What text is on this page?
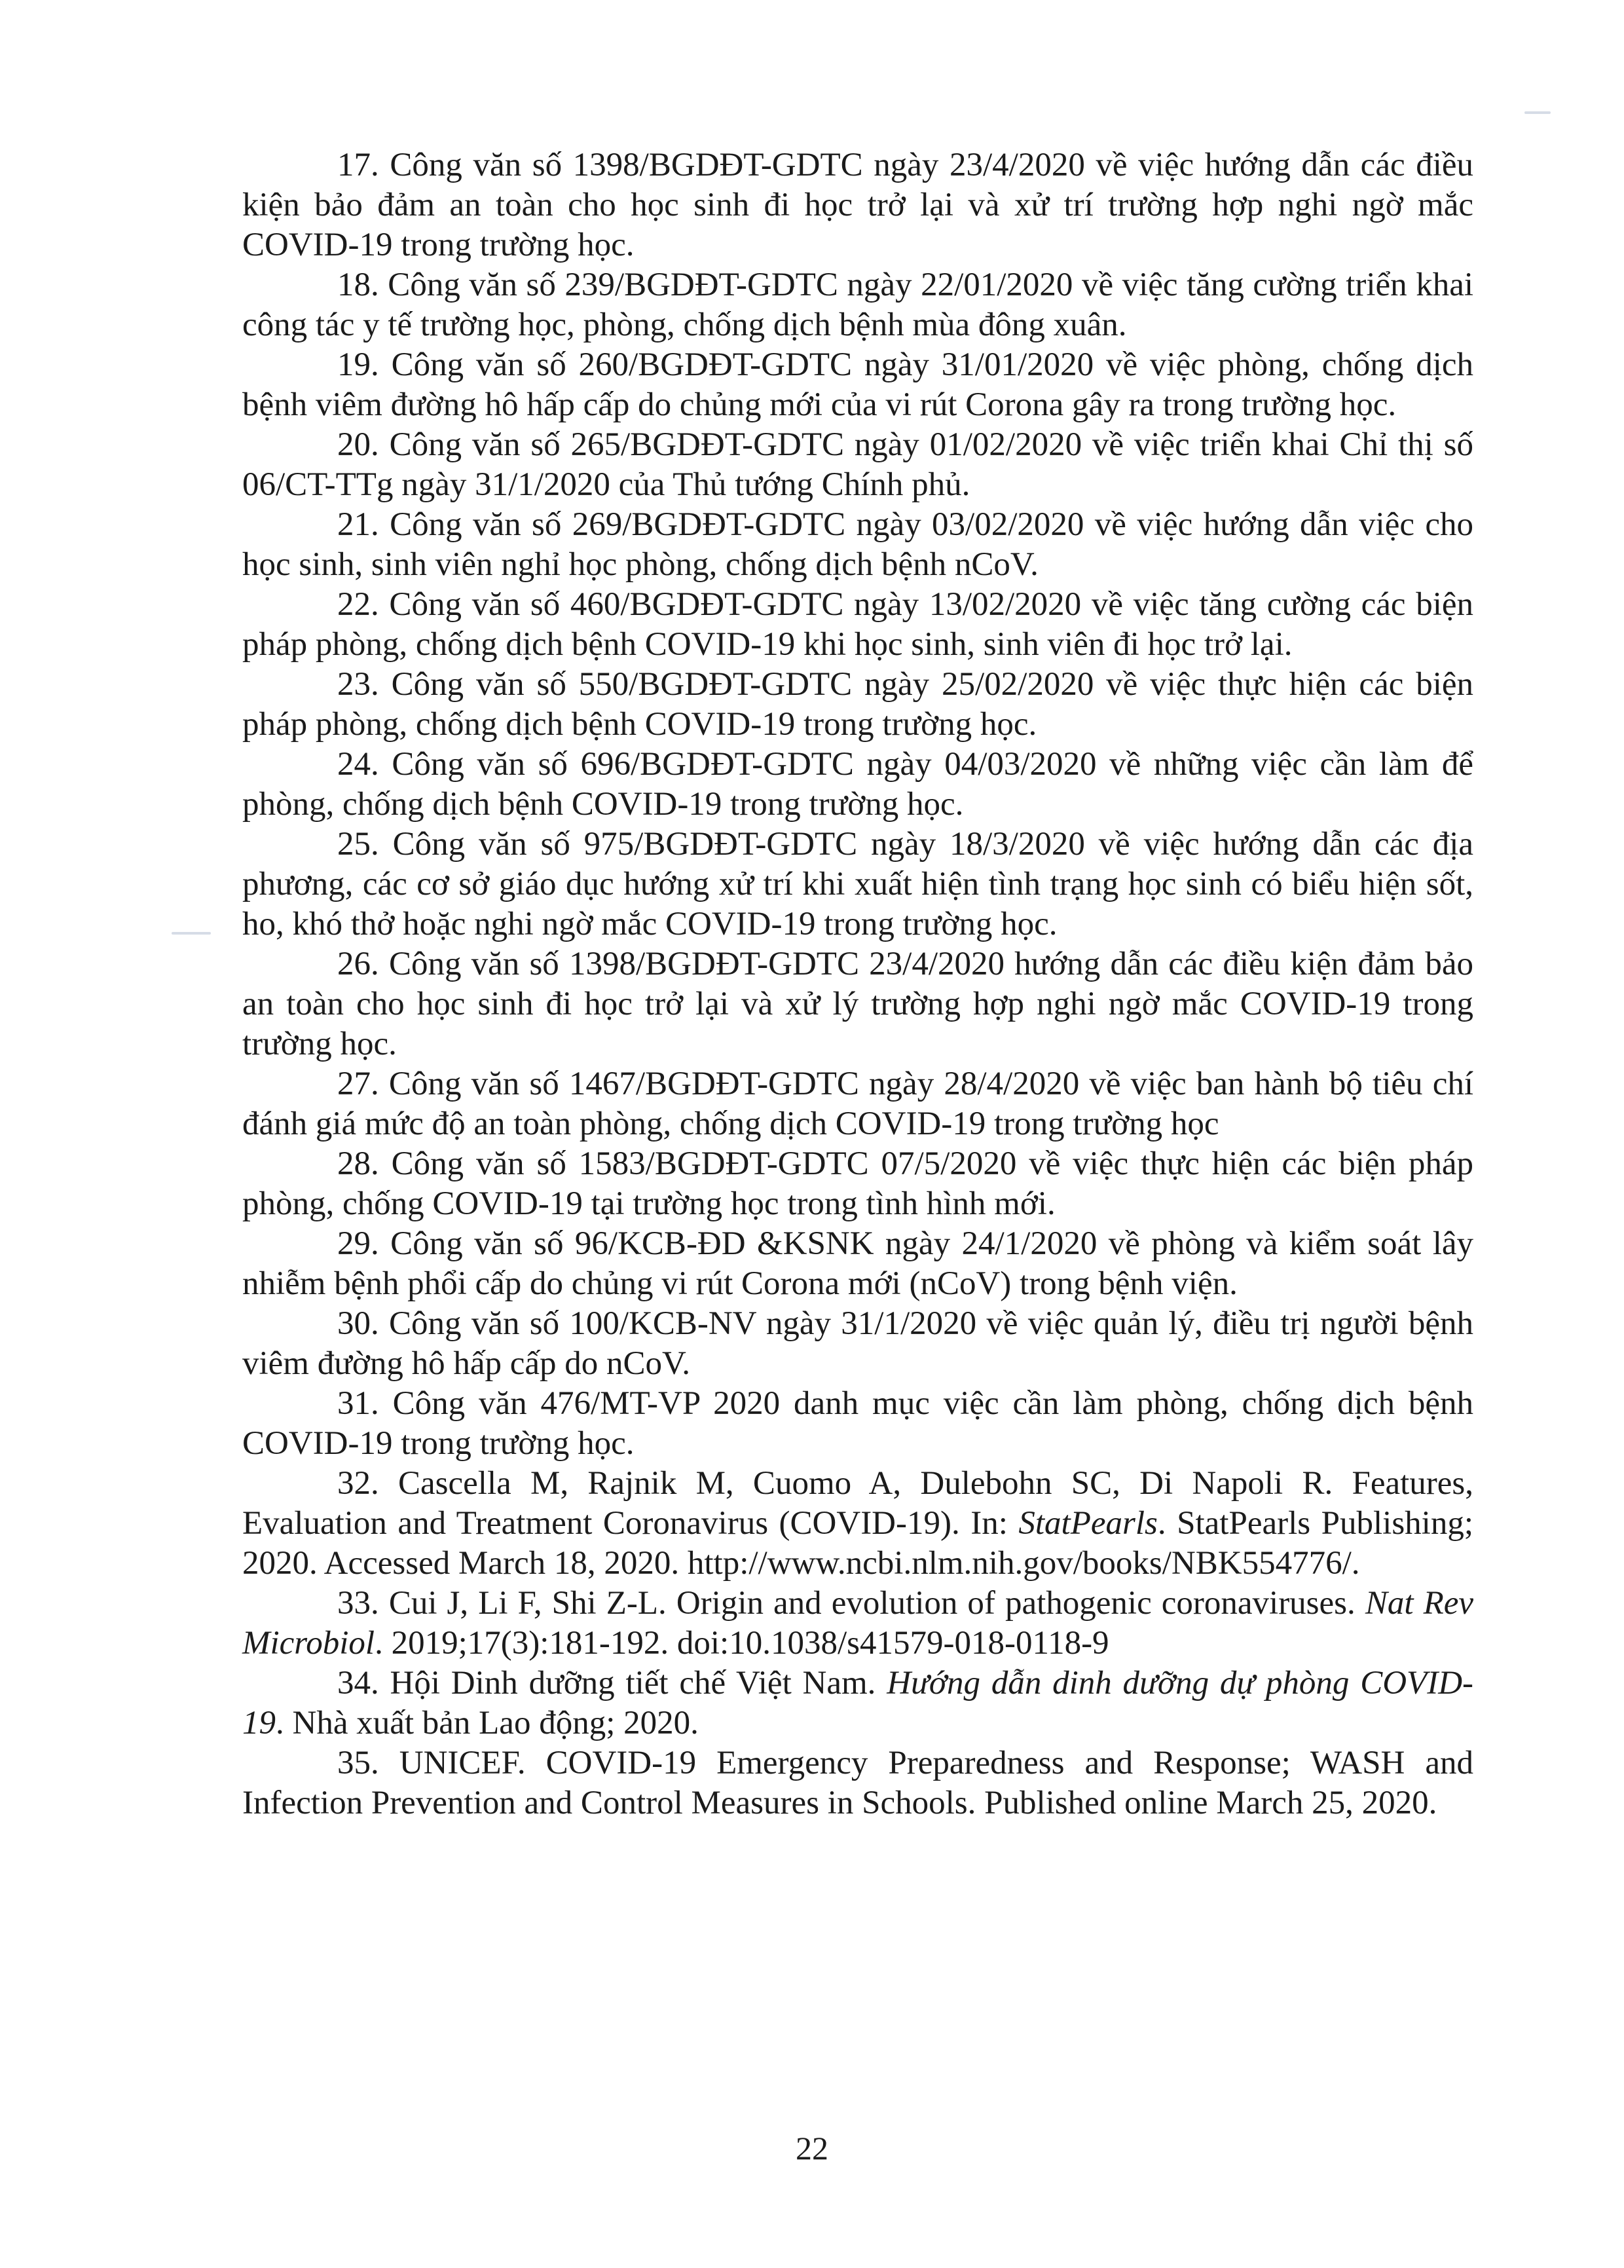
17. Công văn số 1398/BGDĐT-GDTC ngày 23/4/2020 về việc hướng dẫn các điều kiện bảo đảm an toàn cho học sinh đi học trở lại và xử trí trường hợp nghi ngờ mắc COVID-19 trong trường học.

18. Công văn số 239/BGDĐT-GDTC ngày 22/01/2020 về việc tăng cường triển khai công tác y tế trường học, phòng, chống dịch bệnh mùa đông xuân.

19. Công văn số 260/BGDĐT-GDTC ngày 31/01/2020 về việc phòng, chống dịch bệnh viêm đường hô hấp cấp do chủng mới của vi rút Corona gây ra trong trường học.

20. Công văn số 265/BGDĐT-GDTC ngày 01/02/2020 về việc triển khai Chỉ thị số 06/CT-TTg ngày 31/1/2020 của Thủ tướng Chính phủ.

21. Công văn số 269/BGDĐT-GDTC ngày 03/02/2020 về việc hướng dẫn việc cho học sinh, sinh viên nghỉ học phòng, chống dịch bệnh nCoV.

22. Công văn số 460/BGDĐT-GDTC ngày 13/02/2020 về việc tăng cường các biện pháp phòng, chống dịch bệnh COVID-19 khi học sinh, sinh viên đi học trở lại.

23. Công văn số 550/BGDĐT-GDTC ngày 25/02/2020 về việc thực hiện các biện pháp phòng, chống dịch bệnh COVID-19 trong trường học.

24. Công văn số 696/BGDĐT-GDTC ngày 04/03/2020 về những việc cần làm để phòng, chống dịch bệnh COVID-19 trong trường học.

25. Công văn số 975/BGDĐT-GDTC ngày 18/3/2020 về việc hướng dẫn các địa phương, các cơ sở giáo dục hướng xử trí khi xuất hiện tình trạng học sinh có biểu hiện sốt, ho, khó thở hoặc nghi ngờ mắc COVID-19 trong trường học.

26. Công văn số 1398/BGDĐT-GDTC 23/4/2020 hướng dẫn các điều kiện đảm bảo an toàn cho học sinh đi học trở lại và xử lý trường hợp nghi ngờ mắc COVID-19 trong trường học.

27. Công văn số 1467/BGDĐT-GDTC ngày 28/4/2020 về việc ban hành bộ tiêu chí đánh giá mức độ an toàn phòng, chống dịch COVID-19 trong trường học

28. Công văn số 1583/BGDĐT-GDTC 07/5/2020 về việc thực hiện các biện pháp phòng, chống COVID-19 tại trường học trong tình hình mới.

29. Công văn số 96/KCB-ĐD &KSNK ngày 24/1/2020 về phòng và kiểm soát lây nhiễm bệnh phổi cấp do chủng vi rút Corona mới (nCoV) trong bệnh viện.

30. Công văn số 100/KCB-NV ngày 31/1/2020 về việc quản lý, điều trị người bệnh viêm đường hô hấp cấp do nCoV.

31. Công văn 476/MT-VP 2020 danh mục việc cần làm phòng, chống dịch bệnh COVID-19 trong trường học.

32. Cascella M, Rajnik M, Cuomo A, Dulebohn SC, Di Napoli R. Features, Evaluation and Treatment Coronavirus (COVID-19). In: StatPearls. StatPearls Publishing; 2020. Accessed March 18, 2020. http://www.ncbi.nlm.nih.gov/books/NBK554776/.

33. Cui J, Li F, Shi Z-L. Origin and evolution of pathogenic coronaviruses. Nat Rev Microbiol. 2019;17(3):181-192. doi:10.1038/s41579-018-0118-9

34. Hội Dinh dưỡng tiết chế Việt Nam. Hướng dẫn dinh dưỡng dự phòng COVID-19. Nhà xuất bản Lao động; 2020.

35. UNICEF. COVID-19 Emergency Preparedness and Response; WASH and Infection Prevention and Control Measures in Schools. Published online March 25, 2020.

22
